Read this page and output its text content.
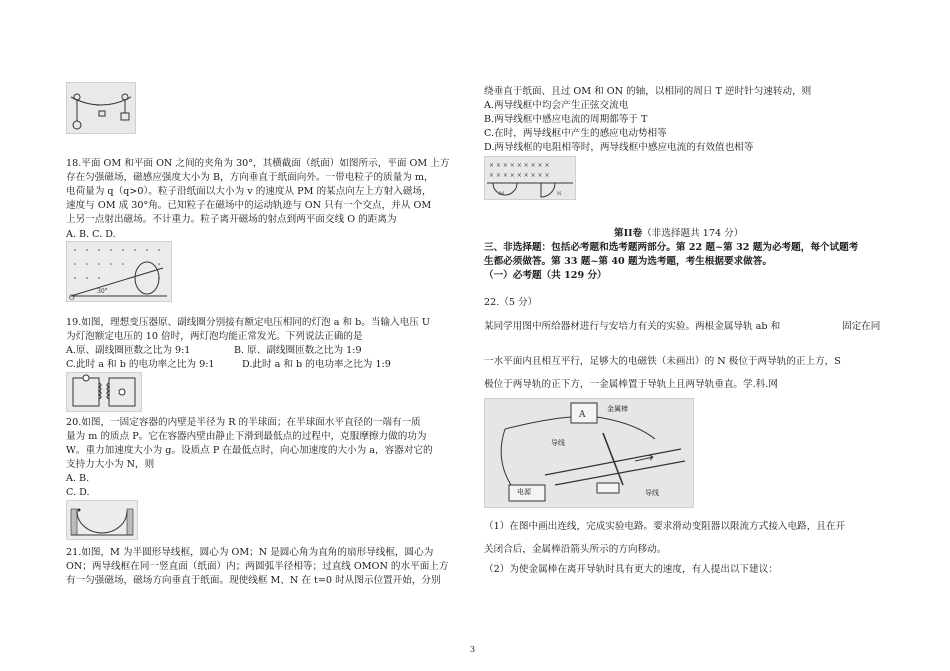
18.平面 OM 和平面 ON 之间的夹角为 30°，其横截面（纸面）如图所示，平面 OM 上方
存在匀强磁场，磁感应强度大小为 B，方向垂直于纸面向外。一带电粒子的质量为 m，
电荷量为 q（q>0）。粒子沿纸面以大小为 v 的速度从 PM 的某点向左上方射入磁场，
速度与 OM 成 30°角。已知粒子在磁场中的运动轨迹与 ON 只有一个交点，并从 OM
上另一点射出磁场。不计重力。粒子离开磁场的射点到两平面交线 O 的距离为
A. B. C. D.
O
30°
19.如图，理想变压器原、副线圈分别接有额定电压相同的灯泡 a 和 b。当输入电压 U
为灯泡额定电压的 10 倍时，两灯泡均能正常发光。下列说法正确的是
A.原、副线圈匝数之比为 9:1	B. 原、副线圈匝数之比为 1:9
C.此时 a 和 b 的电功率之比为 9:1	D.此时 a 和 b 的电功率之比为 1:9
20.如图，一固定容器的内壁是半径为 R 的半球面；在半球面水平直径的一端有一质
量为 m 的质点 P。它在容器内壁由静止下滑到最低点的过程中，克服摩擦力做的功为
W。重力加速度大小为 g。设质点 P 在最低点时，向心加速度的大小为 a，容器对它的
支持力大小为 N，则
A. B.
C. D.
21.如图，M 为半圆形导线框，圆心为 OM；N 是圆心角为直角的扇形导线框，圆心为
ON；两导线框在同一竖直面（纸面）内；两圆弧半径相等；过直线 OMON 的水平面上方
有一匀强磁场，磁场方向垂直于纸面。现使线框 M、N 在 t=0 时从图示位置开始，分别
绕垂直于纸面、且过 OM 和 ON 的轴，以相同的周日 T 逆时针匀速转动，则
A.两导线框中均会产生正弦交流电
B.两导线框中感应电流的周期都等于 T
C.在时，两导线框中产生的感应电动势相等
D.两导线框的电阻相等时，两导线框中感应电流的有效值也相等
× × × × × × × × ×
× × × × × × × × ×
M	N
第II卷（非选择题共 174 分）
三、非选择题：包括必考题和选考题两部分。第 22 题~第 32 题为必考题，每个试题考
生都必须做答。第 33 题~第 40 题为选考题，考生根据要求做答。
（一）必考题（共 129 分）
22.（5 分）
某同学用图中所给器材进行与安培力有关的实验。两根金属导轨 ab 和	固定在同
一水平面内且相互平行，足够大的电磁铁（未画出）的 N 极位于两导轨的正上方，S
极位于两导轨的正下方，一金属棒置于导轨上且两导轨垂直。学.科.网
A
金属棒
导线
导线
电源
（1）在图中画出连线，完成实验电路。要求滑动变阻器以限流方式接入电路，且在开
关闭合后，金属棒沿箭头所示的方向移动。
（2）为使金属棒在离开导轨时具有更大的速度，有人提出以下建议：
3
